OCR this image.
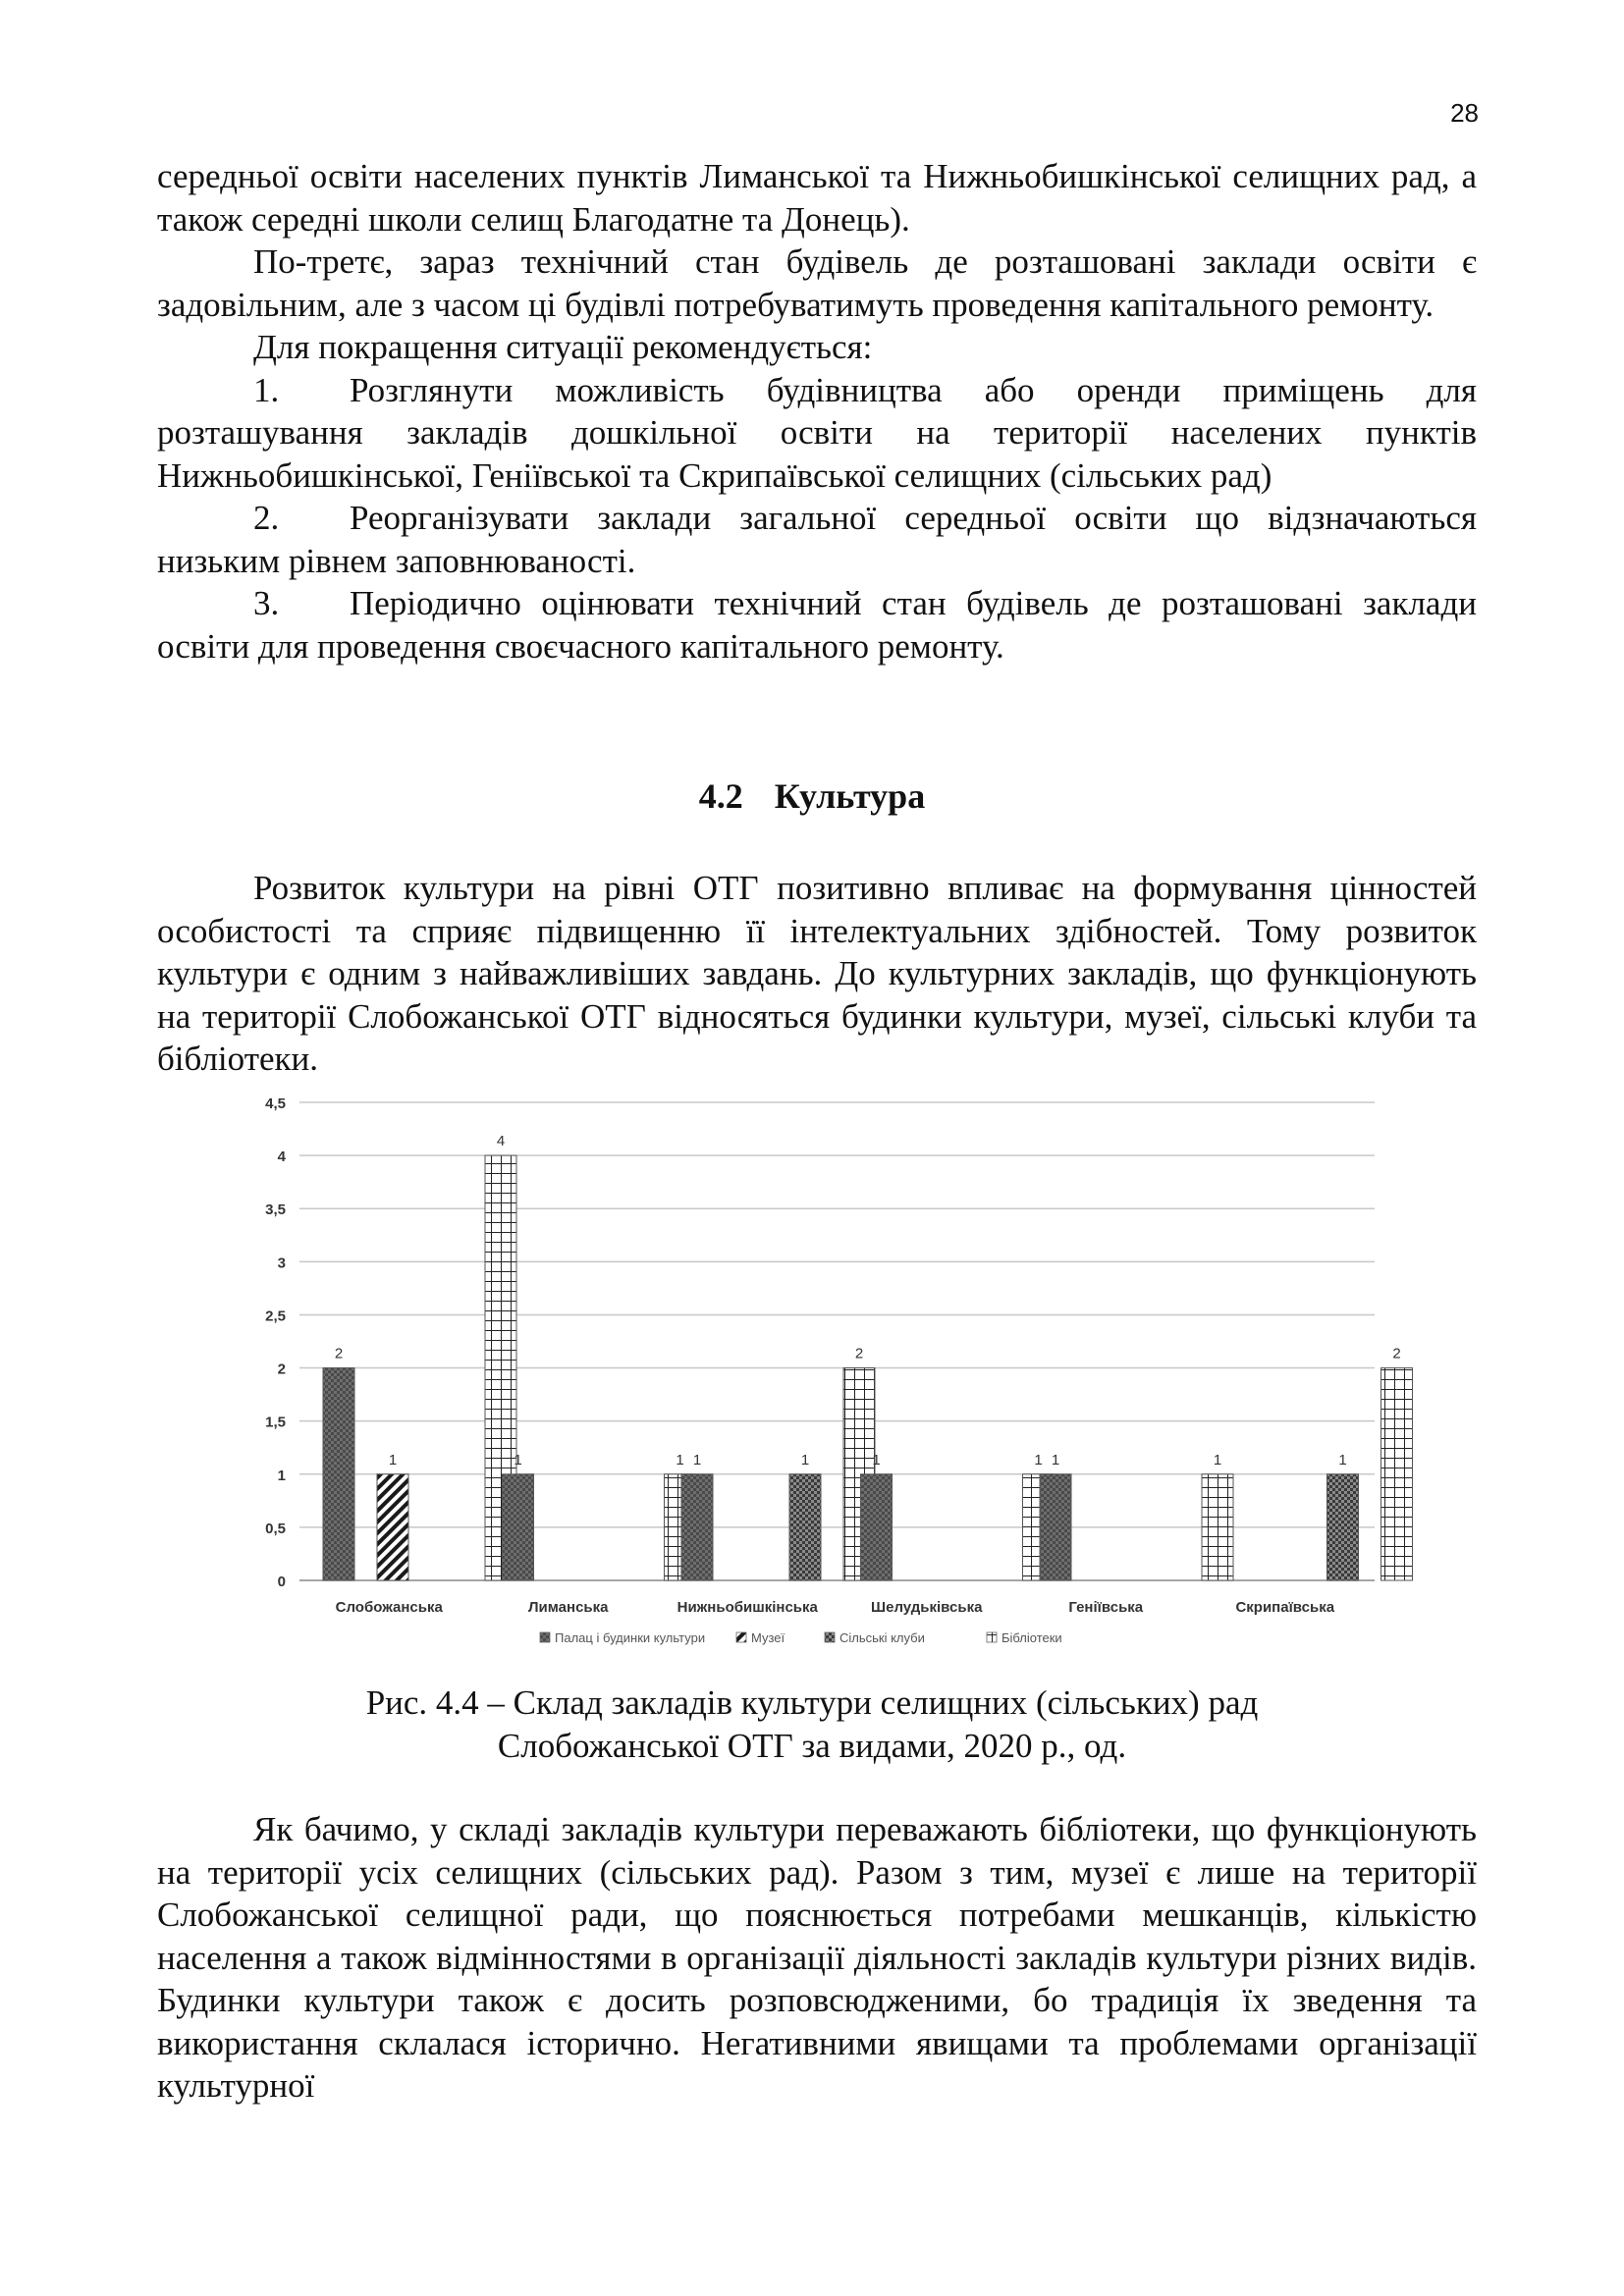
28

середньої освіти населених пунктів Лиманської та Нижньобишкінської селищних рад, а також середні школи селищ Благодатне та Донець).

По-третє, зараз технічний стан будівель де розташовані заклади освіти є задовільним, але з часом ці будівлі потребуватимуть проведення капітального ремонту.

Для покращення ситуації рекомендується:

1. Розглянути можливість будівництва або оренди приміщень для розташування закладів дошкільної освіти на території населених пунктів Нижньобишкінської, Геніївської та Скрипаївської селищних (сільських рад)

2. Реорганізувати заклади загальної середньої освіти що відзначаються низьким рівнем заповнюваності.

3. Періодично оцінювати технічний стан будівель де розташовані заклади освіти для проведення своєчасного капітального ремонту.

4.2 Культура

Розвиток культури на рівні ОТГ позитивно впливає на формування цінностей особистості та сприяє підвищенню її інтелектуальних здібностей. Тому розвиток культури є одним з найважливіших завдань. До культурних закладів, що функціонують на території Слобожанської ОТГ відносяться будинки культури, музеї, сільські клуби та бібліотеки.

0
0,5
1
1,5
2
2,5
3
3,5
4
4,5
2
1
4
1	1 1	1
2
1	1 1	1	1
2
Слобожанська	Лиманська	Нижньобишкінська	Шелудьківська	Геніївська	Скрипаївська
Палац і будинки культури	Музеї	Сільські клуби	Бібліотеки
Рис. 4.4 – Склад закладів культури селищних (сільських) рад
Слобожанської ОТГ за видами, 2020 р., од.

Як бачимо, у складі закладів культури переважають бібліотеки, що функціонують на території усіх селищних (сільських рад). Разом з тим, музеї є лише на території Слобожанської селищної ради, що пояснюється потребами мешканців, кількістю населення а також відмінностями в організації діяльності закладів культури різних видів. Будинки культури також є досить розповсюдженими, бо традиція їх зведення та використання склалася історично. Негативними явищами та проблемами організації культурної
